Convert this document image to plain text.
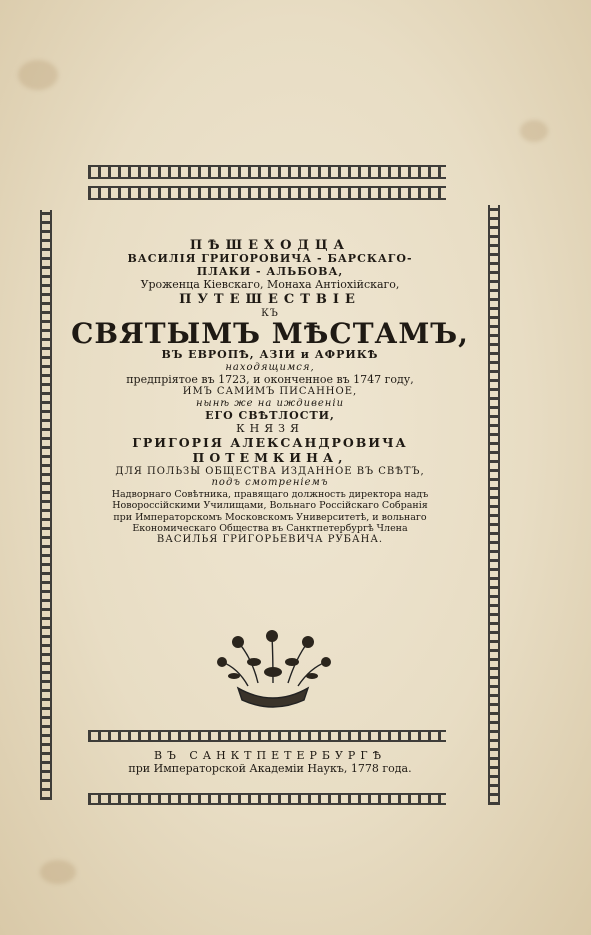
ПѢШЕХОДЦА
ВАСИЛІЯ ГРИГОРОВИЧА - БАРСКАГО-
ПЛАКИ - АЛЬБОВА,
Уроженца Кіевскаго, Монаха Антіохійскаго,
ПУТЕШЕСТВІЕ
КЪ
СВЯТЫМЪ МѢСТАМЪ,
ВЪ ЕВРОПѢ, АЗІИ и АФРИКѢ
находящимся,
предпріятое въ 1723, и оконченное въ 1747 году,
ИМЪ САМИМЪ ПИСАННОЕ,
нынѣ же на иждивеніи
ЕГО СВѢТЛОСТИ,
КНЯЗЯ
ГРИГОРІЯ АЛЕКСАНДРОВИЧА
ПОТЕМКИНА,
ДЛЯ ПОЛЬЗЫ ОБЩЕСТВА ИЗДАННОЕ ВЪ СВѢТЪ,
подъ смотреніемъ
Надворнаго Совѣтника, правящаго должность директора надъ
Новороссійскими Училищами, Вольнаго Россійскаго Собранія
при Императорскомъ Московскомъ Университетѣ, и вольнаго
Економическаго Общества въ Санктпетербургѣ Члена
ВАСИЛЬЯ ГРИГОРЬЕВИЧА РУБАНА.
ВЪ САНКТПЕТЕРБУРГѢ
при Императорской Академіи Наукъ, 1778 года.
